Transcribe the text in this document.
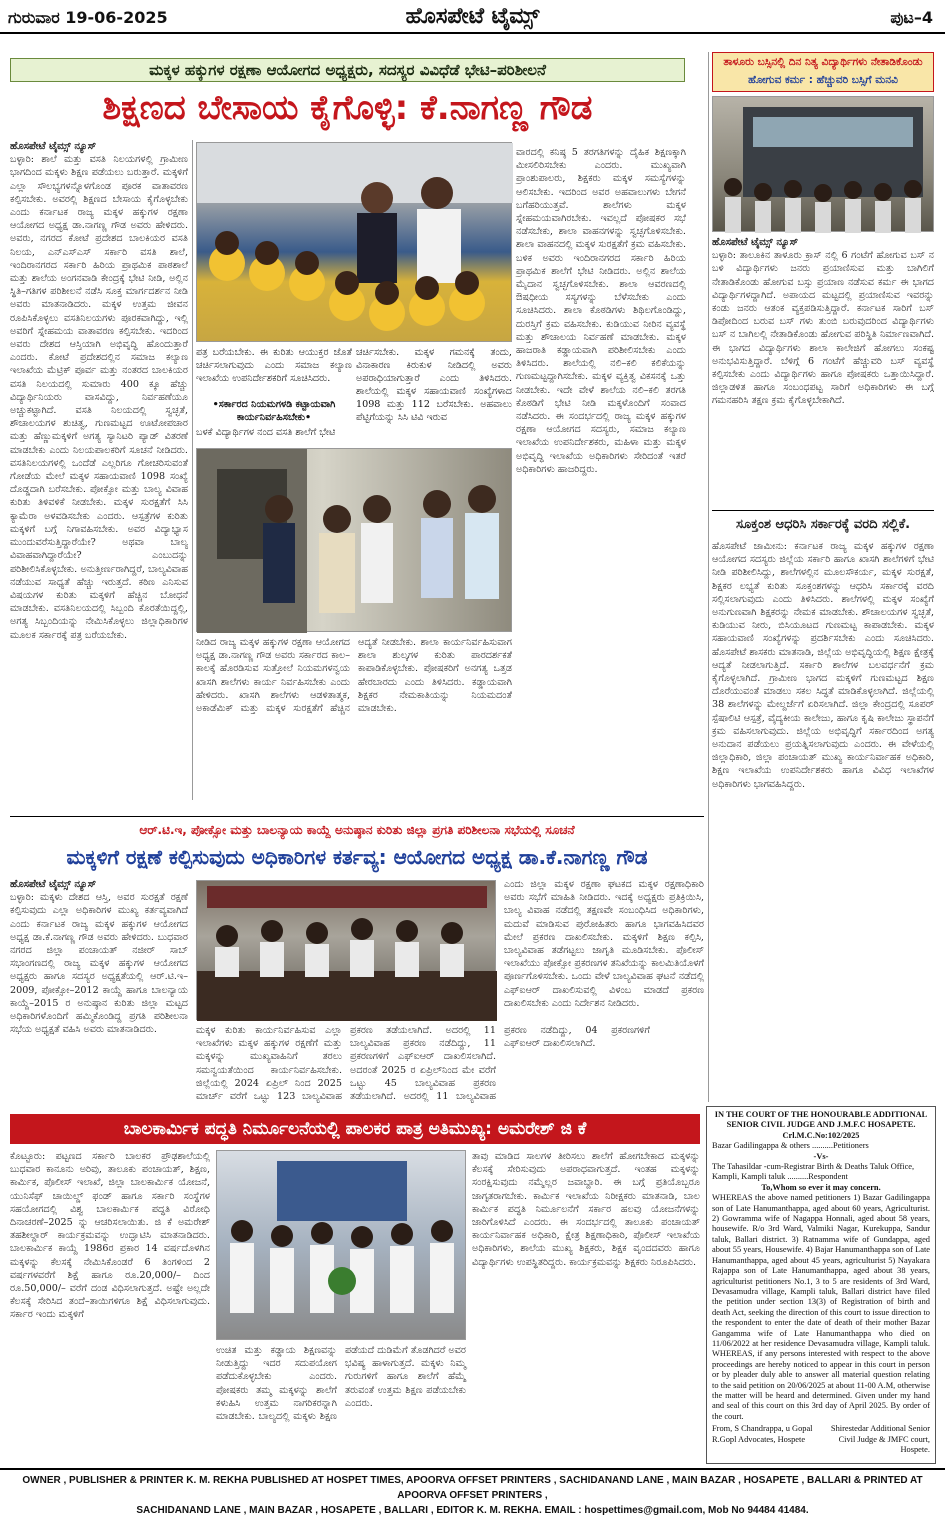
ಗುರುವಾರ 19-06-2025	ಹೊಸಪೇಟೆ ಟೈಮ್ಸ್	ಪುಟ–4
ಮಕ್ಕಳ ಹಕ್ಕುಗಳ ರಕ್ಷಣಾ ಆಯೋಗದ ಅಧ್ಯಕ್ಷರು, ಸದಸ್ಯರ ವಿವಿಧೆಡೆ ಭೇಟಿ–ಪರಿಶೀಲನೆ
ಶಿಕ್ಷಣದ ಬೇಸಾಯ ಕೈಗೊಳ್ಳಿ: ಕೆ.ನಾಗಣ್ಣ ಗೌಡ
ಹೊಸಪೇಟೆ ಟೈಮ್ಸ್ ನ್ಯೂಸ್

ಬಳ್ಳಾರಿ: ಶಾಲೆ ಮತ್ತು ವಸತಿ ನಿಲಯಗಳಲ್ಲಿ ಗ್ರಾಮೀಣ ಭಾಗದಿಂದ ಮಕ್ಕಳು ಶಿಕ್ಷಣ ಪಡೆಯಲು ಬರುತ್ತಾರೆ. ಮಕ್ಕಳಿಗೆ ಎಲ್ಲಾ ಸೌಲಭ್ಯಗಳನ್ನೊಳಗೊಂಡ ಪೂರಕ ವಾತಾವರಣ ಕಲ್ಪಿಸಬೇಕು. ಅವರಲ್ಲಿ ಶಿಕ್ಷಣದ ಬೇಸಾಯ ಕೈಗೊಳ್ಳಬೇಕು ಎಂದು ಕರ್ನಾಟಕ ರಾಜ್ಯ ಮಕ್ಕಳ ಹಕ್ಕುಗಳ ರಕ್ಷಣಾ ಆಯೋಗದ ಅಧ್ಯಕ್ಷ ಡಾ.ನಾಗಣ್ಣ ಗೌಡ ಅವರು ಹೇಳಿದರು. ಅವರು, ನಗರದ ಕೋಟೆ ಪ್ರದೇಶದ ಬಾಲಕಿಯರ ವಸತಿ ನಿಲಯ, ಎನ್‌ಎಸ್‌ಎಸ್ ಸರ್ಕಾರಿ ವಸತಿ ಶಾಲೆ, ಇಂದಿರಾನಗರದ ಸರ್ಕಾರಿ ಹಿರಿಯ ಪ್ರಾಥಮಿಕ ಪಾಠಶಾಲೆ ಮತ್ತು ಶಾಲೆಯ ಅಂಗನವಾಡಿ ಕೇಂದ್ರಕ್ಕೆ ಭೇಟಿ ನೀಡಿ, ಅಲ್ಲಿನ ಸ್ಥಿತಿ–ಗತಿಗಳ ಪರಿಶೀಲನೆ ನಡೆಸಿ ಸೂಕ್ತ ಮಾರ್ಗದರ್ಶನ ನೀಡಿ ಅವರು ಮಾತನಾಡಿದರು. ಮಕ್ಕಳ ಉತ್ತಮ ಜೀವನ ರೂಪಿಸಿಕೊಳ್ಳಲು ವಸತಿನಿಲಯಗಳು ಪೂರಕವಾಗಿದ್ದು, ಇಲ್ಲಿ ಅವರಿಗೆ ಸ್ನೇಹಮಯ ವಾತಾವರಣ ಕಲ್ಪಿಸಬೇಕು. ಇದರಿಂದ ಅವರು ದೇಶದ ಆಸ್ತಿಯಾಗಿ ಅಭಿವೃದ್ಧಿ ಹೊಂದುತ್ತಾರೆ ಎಂದರು. ಕೋಟೆ ಪ್ರದೇಶದಲ್ಲಿನ ಸಮಾಜ ಕಲ್ಯಾಣ ಇಲಾಖೆಯ ಮೆಟ್ರಿಕ್ ಪೂರ್ವ ಮತ್ತು ನಂತರದ ಬಾಲಕಿಯರ ವಸತಿ ನಿಲಯದಲ್ಲಿ ಸುಮಾರು 400 ಕ್ಕೂ ಹೆಚ್ಚು ವಿದ್ಯಾರ್ಥಿನಿಯರು ವಾಸವಿದ್ದು, ನಿರ್ವಹಣೆಯೂ ಅಚ್ಚುಕಟ್ಟಾಗಿದೆ. ವಸತಿ ನಿಲಯದಲ್ಲಿ ಸ್ವಚ್ಛತೆ, ಶೌಚಾಲಯಗಳ ಶುಚಿತ್ವ, ಗುಣಮಟ್ಟದ ಊಟೋಪಚಾರ ಮತ್ತು ಹೆಣ್ಣುಮಕ್ಕಳಿಗೆ ಅಗತ್ಯ ಸ್ಯಾನಿಟರಿ ಪ್ಯಾಡ್ ವಿತರಣೆ ಮಾಡಬೇಕು ಎಂದು ನಿಲಯಪಾಲಕರಿಗೆ ಸೂಚನೆ ನೀಡಿದರು. ವಸತಿನಿಲಯಗಳಲ್ಲಿ ಒಂದೆಡೆ ಎಲ್ಲರಿಗೂ ಗೋಚರಿಸುವಂತೆ ಗೋಡೆಯ ಮೇಲೆ ಮಕ್ಕಳ ಸಹಾಯವಾಣಿ 1098 ಸಂಖ್ಯೆ ದೊಡ್ಡದಾಗಿ ಬರೆಸಬೇಕು. ಪೋಕ್ಸೋ ಮತ್ತು ಬಾಲ್ಯ ವಿವಾಹ ಕುರಿತು ತಿಳಿವಳಿಕೆ ನೀಡಬೇಕು. ಮಕ್ಕಳ ಸುರಕ್ಷತೆಗೆ ಸಿಸಿ ಕ್ಯಾಮೆರಾ ಅಳವಡಿಸಬೇಕು ಎಂದರು. ಆಸ್ಪತ್ರೆಗಳ ಕುರಿತು ಮಕ್ಕಳಿಗೆ ಬಗ್ಗೆ ನಿಗಾವಹಿಸಬೇಕು. ಅವರ ವಿದ್ಯಾಭ್ಯಾಸ ಮುಂದುವರೆಸುತ್ತಿದ್ದಾರೆಯೇ? ಅಥವಾ ಬಾಲ್ಯ ವಿವಾಹವಾಗಿದ್ದಾರೆಯೇ? ಎಂಬುದನ್ನು ಪರಿಶೀಲಿಸಿಕೊಳ್ಳಬೇಕು. ಅನುತ್ತೀರ್ಣರಾಗಿದ್ದರೆ, ಬಾಲ್ಯವಿವಾಹ ನಡೆಯುವ ಸಾಧ್ಯತೆ ಹೆಚ್ಚು ಇರುತ್ತದೆ. ಕಠಿಣ ಎನಿಸುವ ವಿಷಯಗಳ ಕುರಿತು ಮಕ್ಕಳಿಗೆ ಹೆಚ್ಚಿನ ಬೋಧನೆ ಮಾಡಬೇಕು. ವಸತಿನಿಲಯದಲ್ಲಿ ಸಿಬ್ಬಂದಿ ಕೊರತೆಯಿದ್ದಲ್ಲಿ, ಅಗತ್ಯ ಸಿಬ್ಬಂದಿಯನ್ನು ನೇಮಿಸಿಕೊಳ್ಳಲು ಜಿಲ್ಲಾಧಿಕಾರಿಗಳ ಮೂಲಕ ಸರ್ಕಾರಕ್ಕೆ ಪತ್ರ ಬರೆಯಬೇಕು.

ಪತ್ರ ಬರೆಯಬೇಕು. ಈ ಕುರಿತು ಆಯುಕ್ತರ ಜೊತೆ ಚರ್ಚಿಸಲಾಗುವುದು ಎಂದು ಸಮಾಜ ಕಲ್ಯಾಣ ಇಲಾಖೆಯ ಉಪನಿರ್ದೇಶಕರಿಗೆ ಸೂಚಿಸಿದರು.
•ಸರ್ಕಾರದ ನಿಯಮಗಳಡಿ ಕಟ್ಟಾಯವಾಗಿ ಕಾರ್ಯನಿರ್ವಹಿಸಬೇಕು•
ಬಳಕೆ ವಿದ್ಯಾರ್ಥಿಗಳ ನಂದ ವಸತಿ ಶಾಲೆಗೆ ಭೇಟಿ
ಚರ್ಚಿಸಬೇಕು. ಮಕ್ಕಳ ಗಮನಕ್ಕೆ ತಂದು, ವಿನಾಕಾರಣ ಕಿರುಕುಳ ನೀಡಿದಲ್ಲಿ ಅವರು ಅಪರಾಧಿಯಾಗುತ್ತಾರೆ ಎಂದು ತಿಳಿಸಿದರು. ಶಾಲೆಯಲ್ಲಿ ಮಕ್ಕಳ ಸಹಾಯವಾಣಿ ಸಂಖ್ಯೆಗಳಾದ 1098 ಮತ್ತು 112 ಬರೆಸಬೇಕು. ಅಹವಾಲು ಪೆಟ್ಟಿಗೆಯನ್ನು ಸಿಸಿ ಟಿವಿ ಇರುವ

ವಾರದಲ್ಲಿ ಕನಿಷ್ಠ 5 ತರಗತಿಗಳನ್ನು ದೈಹಿಕ ಶಿಕ್ಷಣಕ್ಕಾಗಿ ಮೀಸಲಿರಿಸಬೇಕು ಎಂದರು. ಮುಖ್ಯವಾಗಿ ಪ್ರಾಂಶುಪಾಲರು, ಶಿಕ್ಷಕರು ಮಕ್ಕಳ ಸಮಸ್ಯೆಗಳನ್ನು ಆಲಿಸಬೇಕು. ಇದರಿಂದ ಅವರ ಅಹವಾಲುಗಳು ಬೇಗನೆ ಬಗೆಹರಿಯುತ್ತವೆ. ಶಾಲೆಗಳು ಮಕ್ಕಳ ಸ್ನೇಹಮಯವಾಗಿರಬೇಕು. ಇವಲ್ಲದೆ ಪೋಷಕರ ಸಭೆ ನಡೆಸಬೇಕು, ಶಾಲಾ ವಾಹನಗಳನ್ನು ಸ್ವಚ್ಛಗೊಳಿಸಬೇಕು. ಶಾಲಾ ವಾಹನದಲ್ಲಿ ಮಕ್ಕಳ ಸುರಕ್ಷತೆಗೆ ಕ್ರಮ ವಹಿಸಬೇಕು. ಬಳಿಕ ಅವರು ಇಂದಿರಾನಗರದ ಸರ್ಕಾರಿ ಹಿರಿಯ ಪ್ರಾಥಮಿಕ ಶಾಲೆಗೆ ಭೇಟಿ ನೀಡಿದರು. ಅಲ್ಲಿನ ಶಾಲೆಯ ಮೈದಾನ ಸ್ವಚ್ಛಗೊಳಿಸಬೇಕು. ಶಾಲಾ ಆವರಣದಲ್ಲಿ ಔಷಧೀಯ ಸಸ್ಯಗಳನ್ನು ಬೆಳೆಸಬೇಕು ಎಂದು ಸೂಚಿಸಿದರು. ಶಾಲಾ ಕೊಠಡಿಗಳು ಶಿಥಿಲಗೊಂಡಿದ್ದು, ದುರಸ್ತಿಗೆ ಕ್ರಮ ವಹಿಸಬೇಕು. ಕುಡಿಯುವ ನೀರಿನ ವ್ಯವಸ್ಥೆ ಮತ್ತು ಶೌಚಾಲಯ ನಿರ್ವಹಣೆ ಮಾಡಬೇಕು. ಮಕ್ಕಳ ಹಾಜರಾತಿ ಕಡ್ಡಾಯವಾಗಿ ಪರಿಶೀಲಿಸಬೇಕು ಎಂದು ತಿಳಿಸಿದರು. ಶಾಲೆಯಲ್ಲಿ ನಲಿ–ಕಲಿ ಕಲಿಕೆಯನ್ನು ಗುಣಮಟ್ಟದ್ದಾಗಿಸಬೇಕು. ಮಕ್ಕಳ ವ್ಯಕ್ತಿತ್ವ ವಿಕಸನಕ್ಕೆ ಒತ್ತು ನೀಡಬೇಕು. ಇದೇ ವೇಳೆ ಶಾಲೆಯ ನಲಿ–ಕಲಿ ತರಗತಿ ಕೊಠಡಿಗೆ ಭೇಟಿ ನೀಡಿ ಮಕ್ಕಳೊಂದಿಗೆ ಸಂವಾದ ನಡೆಸಿದರು. ಈ ಸಂದರ್ಭದಲ್ಲಿ ರಾಜ್ಯ ಮಕ್ಕಳ ಹಕ್ಕುಗಳ ರಕ್ಷಣಾ ಆಯೋಗದ ಸದಸ್ಯರು, ಸಮಾಜ ಕಲ್ಯಾಣ ಇಲಾಖೆಯ ಉಪನಿರ್ದೇಶಕರು, ಮಹಿಳಾ ಮತ್ತು ಮಕ್ಕಳ ಅಭಿವೃದ್ಧಿ ಇಲಾಖೆಯ ಅಧಿಕಾರಿಗಳು ಸೇರಿದಂತೆ ಇತರೆ ಅಧಿಕಾರಿಗಳು ಹಾಜರಿದ್ದರು.

ನೀಡಿದ ರಾಜ್ಯ ಮಕ್ಕಳ ಹಕ್ಕುಗಳ ರಕ್ಷಣಾ ಆಯೋಗದ ಅಧ್ಯಕ್ಷ ಡಾ.ನಾಗಣ್ಣ ಗೌಡ ಅವರು ಸರ್ಕಾರದ ಕಾಲ–ಕಾಲಕ್ಕೆ ಹೊರಡಿಸುವ ಸುತ್ತೋಲೆ ನಿಯಮಗಳನ್ವಯ ಖಾಸಗಿ ಶಾಲೆಗಳು ಕಾರ್ಯ ನಿರ್ವಹಿಸಬೇಕು ಎಂದು ಹೇಳಿದರು. ಖಾಸಗಿ ಶಾಲೆಗಳು ಆಡಳಿತಾತ್ಮಕ, ಅಕಾಡೆಮಿಕ್ ಮತ್ತು ಮಕ್ಕಳ ಸುರಕ್ಷತೆಗೆ ಹೆಚ್ಚಿನ ಆದ್ಯತೆ ನೀಡಬೇಕು. ಶಾಲಾ ಕಾರ್ಯನಿರ್ವಹಿಸುವಾಗ ಶಾಲಾ ಶುಲ್ಕಗಳ ಕುರಿತು ಪಾರದರ್ಶಕತೆ ಕಾಪಾಡಿಕೊಳ್ಳಬೇಕು. ಪೋಷಕರಿಗೆ ಅನಗತ್ಯ ಒತ್ತಡ ಹೇರಬಾರದು ಎಂದು ತಿಳಿಸಿದರು. ಕಡ್ಡಾಯವಾಗಿ ಶಿಕ್ಷಕರ ನೇಮಕಾತಿಯನ್ನು ನಿಯಮದಂತೆ ಮಾಡಬೇಕು.

ತಾಳೂರು ಬಸ್ಸಿನಲ್ಲಿ ದಿನ ನಿತ್ಯ ವಿದ್ಯಾರ್ಥಿಗಳು ನೇತಾಡಿಕೊಂಡು
ಹೋಗುವ ಕರ್ಮ : ಹೆಚ್ಚುವರಿ ಬಸ್ಸಿಗೆ ಮನವಿ
ಹೊಸಪೇಟೆ ಟೈಮ್ಸ್ ನ್ಯೂಸ್

ಬಳ್ಳಾರಿ: ತಾಲೂಕಿನ ತಾಳೂರು ಕ್ರಾಸ್ ನಲ್ಲಿ 6 ಗಂಟೆಗೆ ಹೋಗುವ ಬಸ್ ನ ಬಳಿ ವಿದ್ಯಾರ್ಥಿಗಳು ಜನರು ಪ್ರಯಾಣಿಸುವ ಮತ್ತು ಬಾಗಿಲಿಗೆ ನೇತಾಡಿಕೊಂಡು ಹೋಗುವ ಬಸ್ಸು ಪ್ರಯಾಣ ನಡೆಸುವ ಕರ್ಮ ಈ ಭಾಗದ ವಿದ್ಯಾರ್ಥಿಗಳದ್ದಾಗಿದೆ. ಅಪಾಯದ ಮಟ್ಟದಲ್ಲಿ ಪ್ರಯಾಣಿಸುವ ಇವರನ್ನು ಕಂಡು ಜನರು ಆತಂಕ ವ್ಯಕ್ತಪಡಿಸುತ್ತಿದ್ದಾರೆ. ಕರ್ನಾಟಕ ಸಾರಿಗೆ ಬಸ್ ಡಿಪೋದಿಂದ ಬರುವ ಬಸ್ ಗಳು ತುಂಬಿ ಬರುವುದರಿಂದ ವಿದ್ಯಾರ್ಥಿಗಳು ಬಸ್ ನ ಬಾಗಿಲಲ್ಲಿ ನೇತಾಡಿಕೊಂಡು ಹೋಗುವ ಪರಿಸ್ಥಿತಿ ನಿರ್ಮಾಣವಾಗಿದೆ. ಈ ಭಾಗದ ವಿದ್ಯಾರ್ಥಿಗಳು ಶಾಲಾ ಕಾಲೇಜಿಗೆ ಹೋಗಲು ಸಂಕಷ್ಟ ಅನುಭವಿಸುತ್ತಿದ್ದಾರೆ. ಬೆಳಿಗ್ಗೆ 6 ಗಂಟೆಗೆ ಹೆಚ್ಚುವರಿ ಬಸ್ ವ್ಯವಸ್ಥೆ ಕಲ್ಪಿಸಬೇಕು ಎಂದು ವಿದ್ಯಾರ್ಥಿಗಳು ಹಾಗೂ ಪೋಷಕರು ಒತ್ತಾಯಿಸಿದ್ದಾರೆ. ಜಿಲ್ಲಾಡಳಿತ ಹಾಗೂ ಸಂಬಂಧಪಟ್ಟ ಸಾರಿಗೆ ಅಧಿಕಾರಿಗಳು ಈ ಬಗ್ಗೆ ಗಮನಹರಿಸಿ ತಕ್ಷಣ ಕ್ರಮ ಕೈಗೊಳ್ಳಬೇಕಾಗಿದೆ.

ಸೂಕ್ತಂಶ ಆಧರಿಸಿ ಸರ್ಕಾರಕ್ಕೆ ವರದಿ ಸಲ್ಲಿಕೆ.

ಹೊಸಪೇಟೆ ಜಾಮೀನು: ಕರ್ನಾಟಕ ರಾಜ್ಯ ಮಕ್ಕಳ ಹಕ್ಕುಗಳ ರಕ್ಷಣಾ ಆಯೋಗದ ಸದಸ್ಯರು ಜಿಲ್ಲೆಯ ಸರ್ಕಾರಿ ಹಾಗೂ ಖಾಸಗಿ ಶಾಲೆಗಳಿಗೆ ಭೇಟಿ ನೀಡಿ ಪರಿಶೀಲಿಸಿದ್ದು, ಶಾಲೆಗಳಲ್ಲಿನ ಮೂಲಸೌಕರ್ಯ, ಮಕ್ಕಳ ಸುರಕ್ಷತೆ, ಶಿಕ್ಷಕರ ಲಭ್ಯತೆ ಕುರಿತು ಸೂಕ್ತಂಶಗಳನ್ನು ಆಧರಿಸಿ ಸರ್ಕಾರಕ್ಕೆ ವರದಿ ಸಲ್ಲಿಸಲಾಗುವುದು ಎಂದು ತಿಳಿಸಿದರು. ಶಾಲೆಗಳಲ್ಲಿ ಮಕ್ಕಳ ಸಂಖ್ಯೆಗೆ ಅನುಗುಣವಾಗಿ ಶಿಕ್ಷಕರನ್ನು ನೇಮಕ ಮಾಡಬೇಕು. ಶೌಚಾಲಯಗಳ ಸ್ವಚ್ಛತೆ, ಕುಡಿಯುವ ನೀರು, ಬಿಸಿಯೂಟದ ಗುಣಮಟ್ಟ ಕಾಪಾಡಬೇಕು. ಮಕ್ಕಳ ಸಹಾಯವಾಣಿ ಸಂಖ್ಯೆಗಳನ್ನು ಪ್ರದರ್ಶಿಸಬೇಕು ಎಂದು ಸೂಚಿಸಿದರು. ಹೊಸಪೇಟೆ ಶಾಸಕರು ಮಾತನಾಡಿ, ಜಿಲ್ಲೆಯ ಅಭಿವೃದ್ಧಿಯಲ್ಲಿ ಶಿಕ್ಷಣ ಕ್ಷೇತ್ರಕ್ಕೆ ಆದ್ಯತೆ ನೀಡಲಾಗುತ್ತಿದೆ. ಸರ್ಕಾರಿ ಶಾಲೆಗಳ ಬಲವರ್ಧನೆಗೆ ಕ್ರಮ ಕೈಗೊಳ್ಳಲಾಗಿದೆ. ಗ್ರಾಮೀಣ ಭಾಗದ ಮಕ್ಕಳಿಗೆ ಗುಣಮಟ್ಟದ ಶಿಕ್ಷಣ ದೊರೆಯುವಂತೆ ಮಾಡಲು ಸಕಲ ಸಿದ್ಧತೆ ಮಾಡಿಕೊಳ್ಳಲಾಗಿದೆ. ಜಿಲ್ಲೆಯಲ್ಲಿ 38 ಶಾಲೆಗಳನ್ನು ಮೇಲ್ದರ್ಜೆಗೆ ಏರಿಸಲಾಗಿದೆ. ಜಿಲ್ಲಾ ಕೇಂದ್ರದಲ್ಲಿ ಸೂಪರ್ ಸ್ಪೆಷಾಲಿಟಿ ಆಸ್ಪತ್ರೆ, ವೈದ್ಯಕೀಯ ಕಾಲೇಜು, ಹಾಗೂ ಕೃಷಿ ಕಾಲೇಜು ಸ್ಥಾಪನೆಗೆ ಕ್ರಮ ವಹಿಸಲಾಗುವುದು. ಜಿಲ್ಲೆಯ ಅಭಿವೃದ್ಧಿಗೆ ಸರ್ಕಾರದಿಂದ ಅಗತ್ಯ ಅನುದಾನ ಪಡೆಯಲು ಪ್ರಯತ್ನಿಸಲಾಗುವುದು ಎಂದರು. ಈ ವೇಳೆಯಲ್ಲಿ ಜಿಲ್ಲಾಧಿಕಾರಿ, ಜಿಲ್ಲಾ ಪಂಚಾಯತ್ ಮುಖ್ಯ ಕಾರ್ಯನಿರ್ವಾಹಕ ಅಧಿಕಾರಿ, ಶಿಕ್ಷಣ ಇಲಾಖೆಯ ಉಪನಿರ್ದೇಶಕರು ಹಾಗೂ ವಿವಿಧ ಇಲಾಖೆಗಳ ಅಧಿಕಾರಿಗಳು ಭಾಗವಹಿಸಿದ್ದರು.

ಆರ್.ಟಿ.ಇ, ಪೋಕ್ಸೋ ಮತ್ತು ಬಾಲನ್ಯಾಯ ಕಾಯ್ದೆ ಅನುಷ್ಠಾನ ಕುರಿತು ಜಿಲ್ಲಾ ಪ್ರಗತಿ ಪರಿಶೀಲನಾ ಸಭೆಯಲ್ಲಿ ಸೂಚನೆ
ಮಕ್ಕಳಿಗೆ ರಕ್ಷಣೆ ಕಲ್ಪಿಸುವುದು ಅಧಿಕಾರಿಗಳ ಕರ್ತವ್ಯ: ಆಯೋಗದ ಅಧ್ಯಕ್ಷ ಡಾ.ಕೆ.ನಾಗಣ್ಣ ಗೌಡ
ಹೊಸಪೇಟೆ ಟೈಮ್ಸ್ ನ್ಯೂಸ್

ಬಳ್ಳಾರಿ: ಮಕ್ಕಳು ದೇಶದ ಆಸ್ತಿ, ಅವರ ಸುರಕ್ಷತೆ ರಕ್ಷಣೆ ಕಲ್ಪಿಸುವುದು ಎಲ್ಲಾ ಅಧಿಕಾರಿಗಳ ಮುಖ್ಯ ಕರ್ತವ್ಯವಾಗಿದೆ ಎಂದು ಕರ್ನಾಟಕ ರಾಜ್ಯ ಮಕ್ಕಳ ಹಕ್ಕುಗಳ ಆಯೋಗದ ಅಧ್ಯಕ್ಷ ಡಾ.ಕೆ.ನಾಗಣ್ಣ ಗೌಡ ಅವರು ಹೇಳಿದರು. ಬುಧವಾರ ನಗರದ ಜಿಲ್ಲಾ ಪಂಚಾಯತ್ ನಜೀರ್ ಸಾಬ್ ಸಭಾಂಗಣದಲ್ಲಿ ರಾಜ್ಯ ಮಕ್ಕಳ ಹಕ್ಕುಗಳ ಆಯೋಗದ ಅಧ್ಯಕ್ಷರು ಹಾಗೂ ಸದಸ್ಯರ ಅಧ್ಯಕ್ಷತೆಯಲ್ಲಿ ಆರ್.ಟಿ.ಇ–2009, ಪೋಕ್ಸೋ–2012 ಕಾಯ್ದೆ ಹಾಗೂ ಬಾಲನ್ಯಾಯ ಕಾಯ್ದೆ–2015 ರ ಅನುಷ್ಠಾನ ಕುರಿತು ಜಿಲ್ಲಾ ಮಟ್ಟದ ಅಧಿಕಾರಿಗಳೊಂದಿಗೆ ಹಮ್ಮಿಕೊಂಡಿದ್ದ ಪ್ರಗತಿ ಪರಿಶೀಲನಾ ಸಭೆಯ ಅಧ್ಯಕ್ಷತೆ ವಹಿಸಿ ಅವರು ಮಾತನಾಡಿದರು.	ಮಕ್ಕಳ ಕುರಿತು ಕಾರ್ಯನಿರ್ವಹಿಸುವ ಎಲ್ಲಾ ಇಲಾಖೆಗಳು ಮಕ್ಕಳ ಹಕ್ಕುಗಳ ರಕ್ಷಣೆಗೆ ಮತ್ತು ಮಕ್ಕಳನ್ನು ಮುಖ್ಯವಾಹಿನಿಗೆ ತರಲು ಸಮನ್ವಯತೆಯಿಂದ ಕಾರ್ಯನಿರ್ವಹಿಸಬೇಕು. ಜಿಲ್ಲೆಯಲ್ಲಿ 2024 ಏಪ್ರಿಲ್ ನಿಂದ 2025 ಮಾರ್ಚ್ ವರೆಗೆ ಒಟ್ಟು 123 ಬಾಲ್ಯವಿವಾಹ ಪ್ರಕರಣ ತಡೆಯಲಾಗಿದೆ. ಅದರಲ್ಲಿ 11 ಬಾಲ್ಯವಿವಾಹ ಪ್ರಕರಣ ನಡೆದಿದ್ದು, 11 ಪ್ರಕರಣಗಳಿಗೆ ಎಫ್‌ಐಆರ್ ದಾಖಲಿಸಲಾಗಿದೆ. ಅದರಂತೆ 2025 ರ ಏಪ್ರಿಲ್‌ನಿಂದ ಮೇ ವರೆಗೆ ಒಟ್ಟು 45 ಬಾಲ್ಯವಿವಾಹ ಪ್ರಕರಣ ತಡೆಯಲಾಗಿದೆ. ಅದರಲ್ಲಿ 11 ಬಾಲ್ಯವಿವಾಹ ಪ್ರಕರಣ ನಡೆದಿದ್ದು, 04 ಪ್ರಕರಣಗಳಿಗೆ ಎಫ್‌ಐಆರ್ ದಾಖಲಿಸಲಾಗಿದೆ.

ಎಂದು ಜಿಲ್ಲಾ ಮಕ್ಕಳ ರಕ್ಷಣಾ ಘಟಕದ ಮಕ್ಕಳ ರಕ್ಷಣಾಧಿಕಾರಿ ಅವರು ಸಭೆಗೆ ಮಾಹಿತಿ ನೀಡಿದರು. ಇದಕ್ಕೆ ಅಧ್ಯಕ್ಷರು ಪ್ರತಿಕ್ರಿಯಿಸಿ, ಬಾಲ್ಯ ವಿವಾಹ ನಡೆದಲ್ಲಿ ತಕ್ಷಣವೇ ಸಂಬಂಧಿಸಿದ ಅಧಿಕಾರಿಗಳು, ಮದುವೆ ಮಾಡಿಸುವ ಪುರೋಹಿತರು ಹಾಗೂ ಭಾಗವಹಿಸಿದವರ ಮೇಲೆ ಪ್ರಕರಣ ದಾಖಲಿಸಬೇಕು. ಮಕ್ಕಳಿಗೆ ಶಿಕ್ಷಣ ಕಲ್ಪಿಸಿ, ಬಾಲ್ಯವಿವಾಹ ತಡೆಗಟ್ಟಲು ಜಾಗೃತಿ ಮೂಡಿಸಬೇಕು. ಪೊಲೀಸ್ ಇಲಾಖೆಯು ಪೋಕ್ಸೋ ಪ್ರಕರಣಗಳ ತನಿಖೆಯನ್ನು ಕಾಲಮಿತಿಯೊಳಗೆ ಪೂರ್ಣಗೊಳಿಸಬೇಕು. ಒಂದು ವೇಳೆ ಬಾಲ್ಯವಿವಾಹ ಘಟನೆ ನಡೆದಲ್ಲಿ ಎಫ್‌ಐಆರ್ ದಾಖಲಿಸುವಲ್ಲಿ ವಿಳಂಬ ಮಾಡದೆ ಪ್ರಕರಣ ದಾಖಲಿಸಬೇಕು ಎಂದು ನಿರ್ದೇಶನ ನೀಡಿದರು.

ಬಾಲಕಾರ್ಮಿಕ ಪದ್ಧತಿ ನಿರ್ಮೂಲನೆಯಲ್ಲಿ ಪಾಲಕರ ಪಾತ್ರ ಅತಿಮುಖ್ಯ: ಅಮರೇಶ್ ಜಿ ಕೆ

ಕೊಟ್ಟೂರು: ಪಟ್ಟಣದ ಸರ್ಕಾರಿ ಬಾಲಕರ ಪ್ರೌಢಶಾಲೆಯಲ್ಲಿ ಬುಧವಾರ ಕಾನೂನು ಅರಿವು, ತಾಲೂಕು ಪಂಚಾಯತ್, ಶಿಕ್ಷಣ, ಕಾರ್ಮಿಕ, ಪೊಲೀಸ್ ಇಲಾಖೆ, ಜಿಲ್ಲಾ ಬಾಲಕಾರ್ಮಿಕ ಯೋಜನೆ, ಯುನಿಸೆಫ್ ಚಾಯಿಲ್ಡ್ ಫಂಡ್ ಹಾಗೂ ಸರ್ಕಾರಿ ಸಂಸ್ಥೆಗಳ ಸಹಯೋಗದಲ್ಲಿ ವಿಶ್ವ ಬಾಲಕಾರ್ಮಿಕ ಪದ್ಧತಿ ವಿರೋಧಿ ದಿನಾಚರಣೆ–2025 ನ್ನು ಆಚರಿಸಲಾಯಿತು. ಜಿ ಕೆ ಅಮರೇಶ್ ತಹಶೀಲ್ದಾರ್ ಕಾರ್ಯಕ್ರಮವನ್ನು ಉದ್ಘಾಟಿಸಿ ಮಾತನಾಡಿದರು. ಬಾಲಕಾರ್ಮಿಕ ಕಾಯ್ದೆ 1986ರ ಪ್ರಕಾರ 14 ವರ್ಷದೊಳಗಿನ ಮಕ್ಕಳನ್ನು ಕೆಲಸಕ್ಕೆ ನೇಮಿಸಿಕೊಂಡರೆ 6 ತಿಂಗಳಿಂದ 2 ವರ್ಷಗಳವರೆಗೆ ಶಿಕ್ಷೆ ಹಾಗೂ ರೂ.20,000/– ದಿಂದ ರೂ.50,000/– ವರೆಗೆ ದಂಡ ವಿಧಿಸಲಾಗುತ್ತದೆ. ಅಷ್ಟೇ ಅಲ್ಲದೇ ಕೆಲಸಕ್ಕೆ ಸೇರಿಸಿದ ತಂದೆ–ತಾಯಿಗಳಿಗೂ ಶಿಕ್ಷೆ ವಿಧಿಸಲಾಗುವುದು. ಸರ್ಕಾರ ಇಂದು ಮಕ್ಕಳಿಗೆ

ಉಚಿತ ಮತ್ತು ಕಡ್ಡಾಯ ಶಿಕ್ಷಣವನ್ನು ನೀಡುತ್ತಿದ್ದು ಇದರ ಸದುಪಯೋಗ ಪಡೆದುಕೊಳ್ಳಬೇಕು ಎಂದರು. ಪೋಷಕರು ತಮ್ಮ ಮಕ್ಕಳನ್ನು ಶಾಲೆಗೆ ಕಳುಹಿಸಿ ಉತ್ತಮ ನಾಗರಿಕರನ್ನಾಗಿ ಮಾಡಬೇಕು. ಬಾಲ್ಯದಲ್ಲಿ ಮಕ್ಕಳು ಶಿಕ್ಷಣ ಪಡೆಯದೆ ದುಡಿಮೆಗೆ ತೊಡಗಿದರೆ ಅವರ ಭವಿಷ್ಯ ಹಾಳಾಗುತ್ತದೆ. ಮಕ್ಕಳು ನಿಮ್ಮ ಗುರುಗಳಿಗೆ ಹಾಗೂ ಶಾಲೆಗೆ ಹೆಮ್ಮೆ ತರುವಂತೆ ಉತ್ತಮ ಶಿಕ್ಷಣ ಪಡೆಯಬೇಕು ಎಂದರು.

ತಾವು ಮಾಡಿದ ಸಾಲಗಳ ತೀರಿಸಲು ಶಾಲೆಗೆ ಹೋಗಬೇಕಾದ ಮಕ್ಕಳನ್ನು ಕೆಲಸಕ್ಕೆ ಸೇರಿಸುವುದು ಅಪರಾಧವಾಗುತ್ತದೆ. ಇಂತಹ ಮಕ್ಕಳನ್ನು ಸಂರಕ್ಷಿಸುವುದು ನಮ್ಮೆಲ್ಲರ ಜವಾಬ್ದಾರಿ. ಈ ಬಗ್ಗೆ ಪ್ರತಿಯೊಬ್ಬರೂ ಜಾಗೃತರಾಗಬೇಕು. ಕಾರ್ಮಿಕ ಇಲಾಖೆಯ ನಿರೀಕ್ಷಕರು ಮಾತನಾಡಿ, ಬಾಲ ಕಾರ್ಮಿಕ ಪದ್ಧತಿ ನಿರ್ಮೂಲನೆಗೆ ಸರ್ಕಾರ ಹಲವು ಯೋಜನೆಗಳನ್ನು ಜಾರಿಗೊಳಿಸಿದೆ ಎಂದರು. ಈ ಸಂದರ್ಭದಲ್ಲಿ ತಾಲೂಕು ಪಂಚಾಯತ್ ಕಾರ್ಯನಿರ್ವಾಹಕ ಅಧಿಕಾರಿ, ಕ್ಷೇತ್ರ ಶಿಕ್ಷಣಾಧಿಕಾರಿ, ಪೊಲೀಸ್ ಇಲಾಖೆಯ ಅಧಿಕಾರಿಗಳು, ಶಾಲೆಯ ಮುಖ್ಯ ಶಿಕ್ಷಕರು, ಶಿಕ್ಷಕ ವೃಂದದವರು ಹಾಗೂ ವಿದ್ಯಾರ್ಥಿಗಳು ಉಪಸ್ಥಿತರಿದ್ದರು. ಕಾರ್ಯಕ್ರಮವನ್ನು ಶಿಕ್ಷಕರು ನಿರೂಪಿಸಿದರು.

IN THE COURT OF THE HONOURABLE ADDITIONAL SENIOR CIVIL JUDGE AND J.M.F.C HOSAPETE.
Crl.M.C.No:102/2025
Bazar Gadilingappa & others ..........Petitioners
-Vs-
The Tahasildar -cum-Registrar Birth & Deaths Taluk Office, Kampli, Kampli taluk ..........Respondent
To,Whom so ever it may concern.
WHEREAS the above named petitioners 1) Bazar Gadilingappa son of Late Hanumanthappa, aged about 60 years, Agriculturist. 2) Gowramma wife of Nagappa Honnali, aged about 58 years, housewife. R/o 3rd Ward, Valmiki Nagar, Kurekuppa, Sandur taluk, Ballari district. 3) Ratnamma wife of Gundappa, aged about 55 years, Housewife. 4) Bajar Hanumanthappa son of Late Hanumanthappa, aged about 45 years, agriculturist 5) Nayakara Rajappa son of Late Hanumanthappa, aged about 38 years, agriculturist petitioners No.1, 3 to 5 are residents of 3rd Ward, Devasamudra village, Kampli taluk, Ballari district have filed the petition under section 13(3) of Registration of birth and death Act, seeking the direction of this court to issue direction to the respondent to enter the date of death of their mother Bazar Gangamma wife of Late Hanumanthappa who died on 11/06/2022 at her residence Devasamudra village, Kampli taluk. WHEREAS, if any persons interested with respect to the above proceedings are hereby noticed to appear in this court in person or by pleader duly able to answer all material question relating to the said petition on 20/06/2025 at about 11-00 A.M, otherwise the matter will be heard and determined. Given under my hand and seal of this court on this 3rd day of April 2025. By order of the court.
From, S Chandrappa, u Gopal R.Gopl Advocates, Hospete
Shirestedar Additional Senior Civil Judge & JMFC court, Hospete.
OWNER , PUBLISHER & PRINTER K. M. REKHA PUBLISHED AT HOSPET TIMES, APOORVA OFFSET PRINTERS , SACHIDANAND LANE , MAIN BAZAR , HOSAPETE , BALLARI & PRINTED AT APOORVA OFFSET PRINTERS ,
SACHIDANAND LANE , MAIN BAZAR , HOSAPETE , BALLARI , EDITOR K. M. REKHA. EMAIL : hospettimes@gmail.com, Mob No 94484 41484.
